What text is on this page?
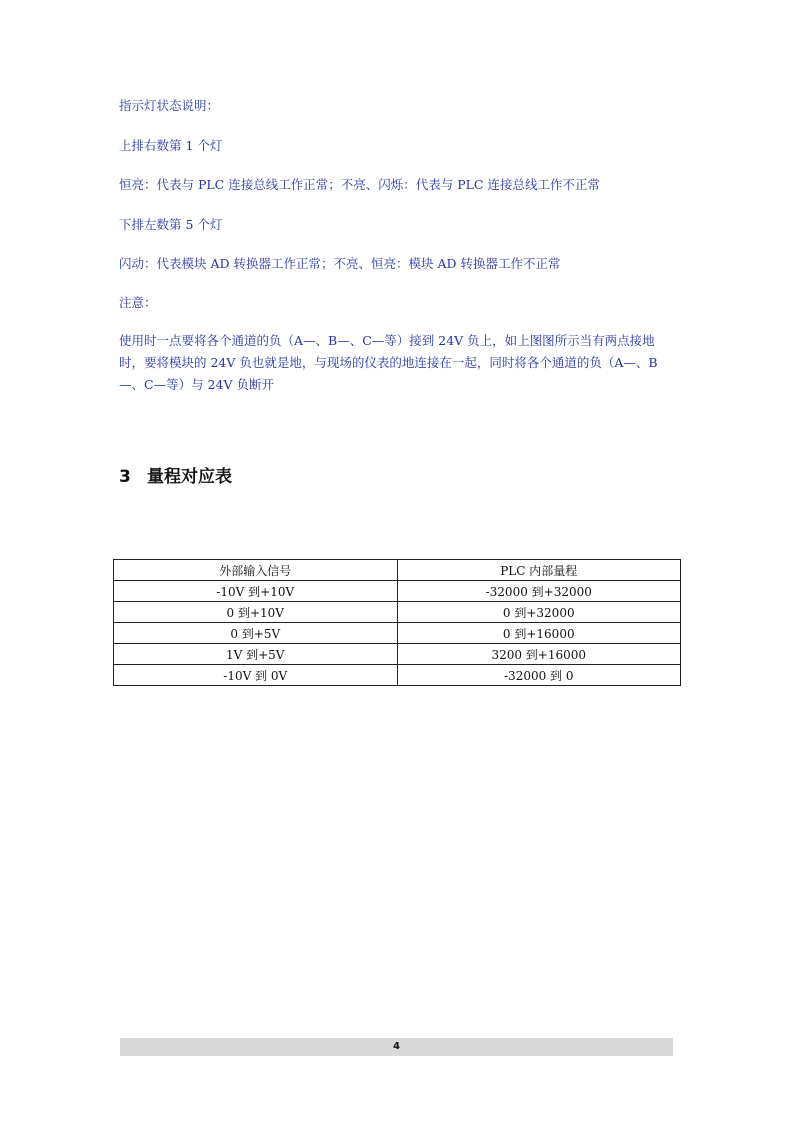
指示灯状态说明：

上排右数第 1 个灯

恒亮：代表与 PLC 连接总线工作正常；不亮、闪烁：代表与 PLC 连接总线工作不正常

下排左数第 5 个灯

闪动：代表模块 AD 转换器工作正常；不亮、恒亮：模块 AD 转换器工作不正常

注意：

使用时一点要将各个通道的负（A—、B—、C—等）接到 24V 负上，如上图图所示当有两点接地时，要将模块的 24V 负也就是地，与现场的仪表的地连接在一起，同时将各个通道的负（A—、B—、C—等）与 24V 负断开

3 量程对应表
外部输入信号	PLC 内部量程
-10V 到+10V	-32000 到+32000
0 到+10V	0 到+32000
0 到+5V	0 到+16000
1V 到+5V	3200 到+16000
-10V 到 0V	-32000 到 0
4
